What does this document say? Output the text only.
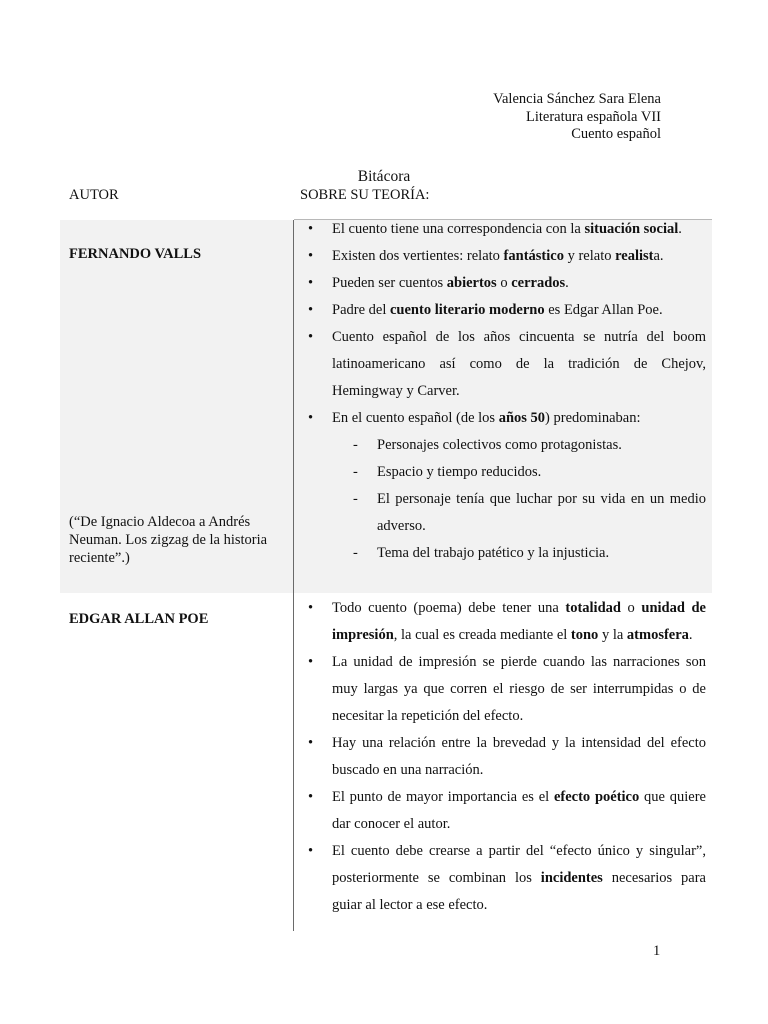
Valencia Sánchez Sara Elena
Literatura española VII
Cuento español
Bitácora
AUTOR	SOBRE SU TEORÍA:
FERNANDO VALLS
(“De Ignacio Aldecoa a Andrés Neuman. Los zigzag de la historia reciente”.)
• El cuento tiene una correspondencia con la situación social.
• Existen dos vertientes: relato fantástico y relato realista.
• Pueden ser cuentos abiertos o cerrados.
• Padre del cuento literario moderno es Edgar Allan Poe.
• Cuento español de los años cincuenta se nutría del boom latinoamericano así como de la tradición de Chejov, Hemingway y Carver.
• En el cuento español (de los años 50) predominaban:
- Personajes colectivos como protagonistas.
- Espacio y tiempo reducidos.
- El personaje tenía que luchar por su vida en un medio adverso.
- Tema del trabajo patético y la injusticia.
EDGAR ALLAN POE
• Todo cuento (poema) debe tener una totalidad o unidad de impresión, la cual es creada mediante el tono y la atmosfera.
• La unidad de impresión se pierde cuando las narraciones son muy largas ya que corren el riesgo de ser interrumpidas o de necesitar la repetición del efecto.
• Hay una relación entre la brevedad y la intensidad del efecto buscado en una narración.
• El punto de mayor importancia es el efecto poético que quiere dar conocer el autor.
• El cuento debe crearse a partir del “efecto único y singular”, posteriormente se combinan los incidentes necesarios para guiar al lector a ese efecto.
1
